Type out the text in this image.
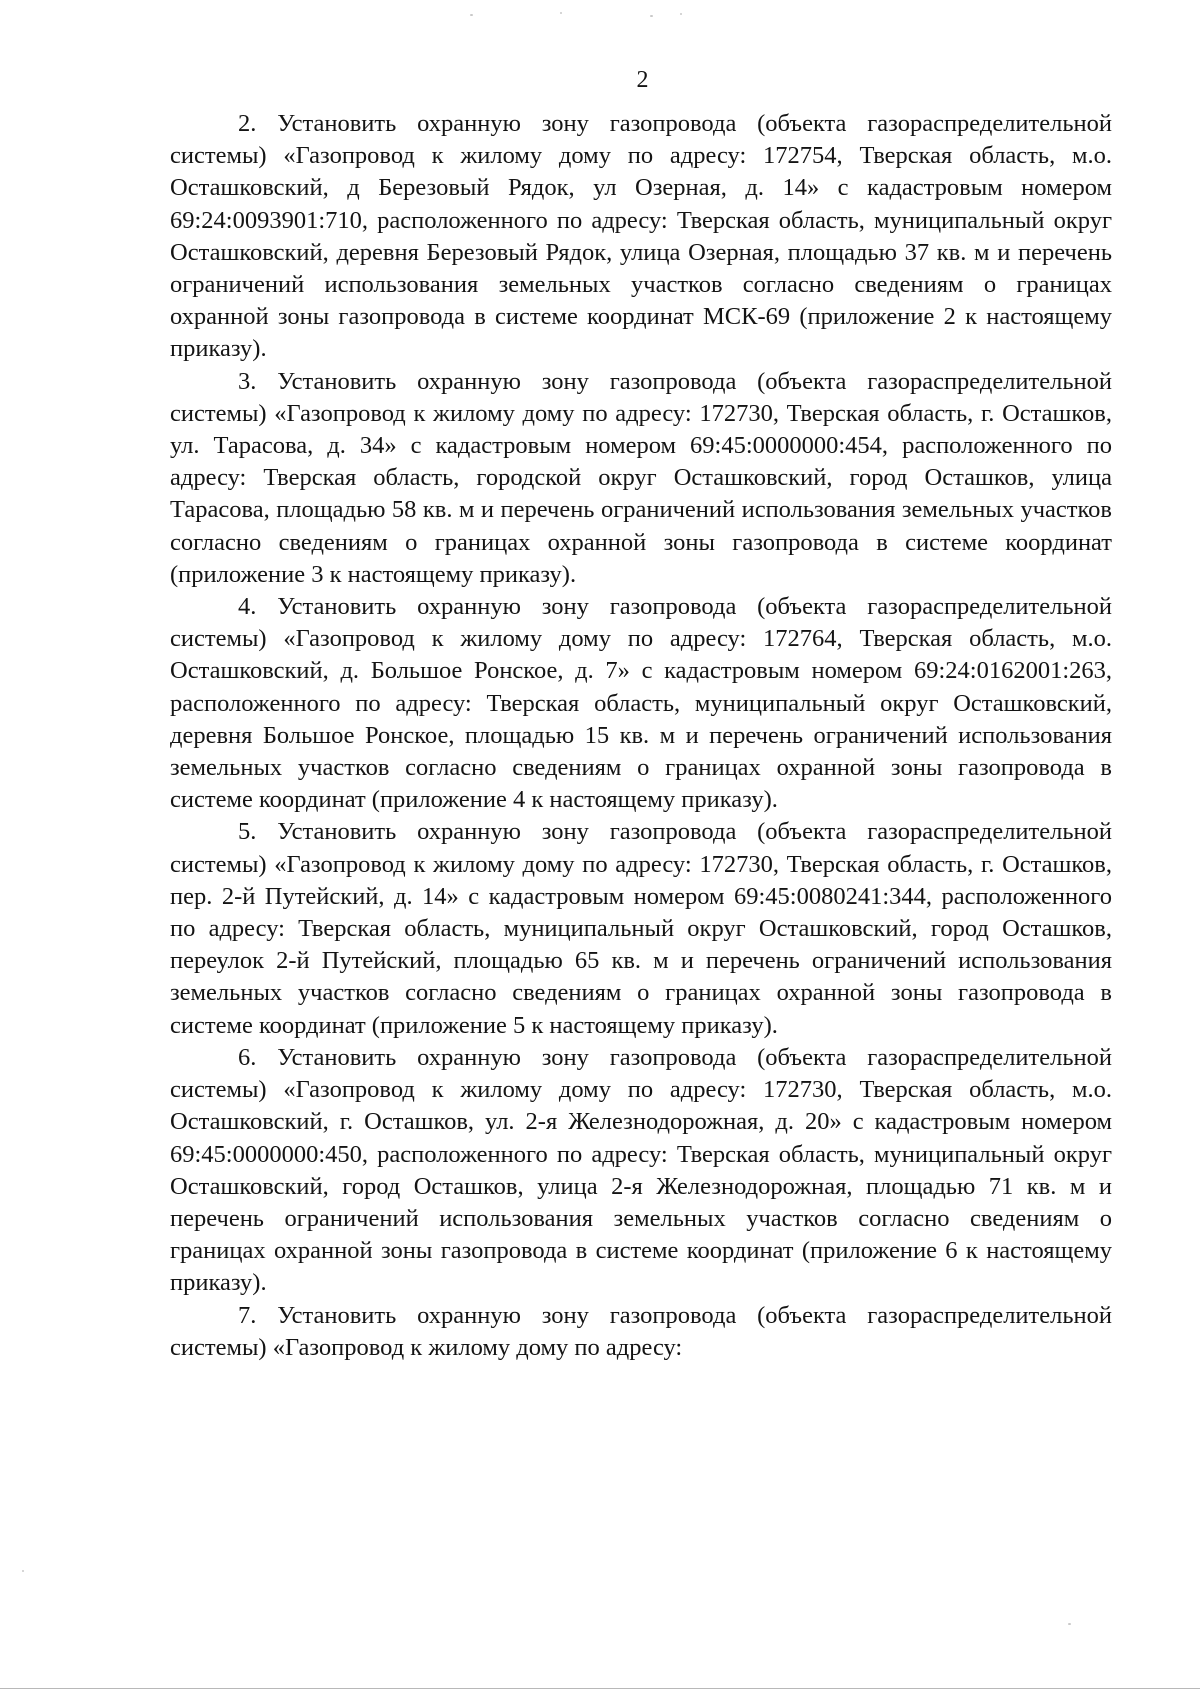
2

2. Установить охранную зону газопровода (объекта газораспределительной системы) «Газопровод к жилому дому по адресу: 172754, Тверская область, м.о. Осташковский, д Березовый Рядок, ул Озерная, д. 14» с кадастровым номером 69:24:0093901:710, расположенного по адресу: Тверская область, муниципальный округ Осташковский, деревня Березовый Рядок, улица Озерная, площадью 37 кв. м и перечень ограничений использования земельных участков согласно сведениям о границах охранной зоны газопровода в системе координат МСК-69 (приложение 2 к настоящему приказу).

3. Установить охранную зону газопровода (объекта газораспределительной системы) «Газопровод к жилому дому по адресу: 172730, Тверская область, г. Осташков, ул. Тарасова, д. 34» с кадастровым номером 69:45:0000000:454, расположенного по адресу: Тверская область, городской округ Осташковский, город Осташков, улица Тарасова, площадью 58 кв. м и перечень ограничений использования земельных участков согласно сведениям о границах охранной зоны газопровода в системе координат (приложение 3 к настоящему приказу).

4. Установить охранную зону газопровода (объекта газораспределительной системы) «Газопровод к жилому дому по адресу: 172764, Тверская область, м.о. Осташковский, д. Большое Ронское, д. 7» с кадастровым номером 69:24:0162001:263, расположенного по адресу: Тверская область, муниципальный округ Осташковский, деревня Большое Ронское, площадью 15 кв. м и перечень ограничений использования земельных участков согласно сведениям о границах охранной зоны газопровода в системе координат (приложение 4 к настоящему приказу).

5. Установить охранную зону газопровода (объекта газораспределительной системы) «Газопровод к жилому дому по адресу: 172730, Тверская область, г. Осташков, пер. 2-й Путейский, д. 14» с кадастровым номером 69:45:0080241:344, расположенного по адресу: Тверская область, муниципальный округ Осташковский, город Осташков, переулок 2-й Путейский, площадью 65 кв. м и перечень ограничений использования земельных участков согласно сведениям о границах охранной зоны газопровода в системе координат (приложение 5 к настоящему приказу).

6. Установить охранную зону газопровода (объекта газораспределительной системы) «Газопровод к жилому дому по адресу: 172730, Тверская область, м.о. Осташковский, г. Осташков, ул. 2-я Железнодорожная, д. 20» с кадастровым номером 69:45:0000000:450, расположенного по адресу: Тверская область, муниципальный округ Осташковский, город Осташков, улица 2-я Железнодорожная, площадью 71 кв. м и перечень ограничений использования земельных участков согласно сведениям о границах охранной зоны газопровода в системе координат (приложение 6 к настоящему приказу).

7. Установить охранную зону газопровода (объекта газораспределительной системы) «Газопровод к жилому дому по адресу:
